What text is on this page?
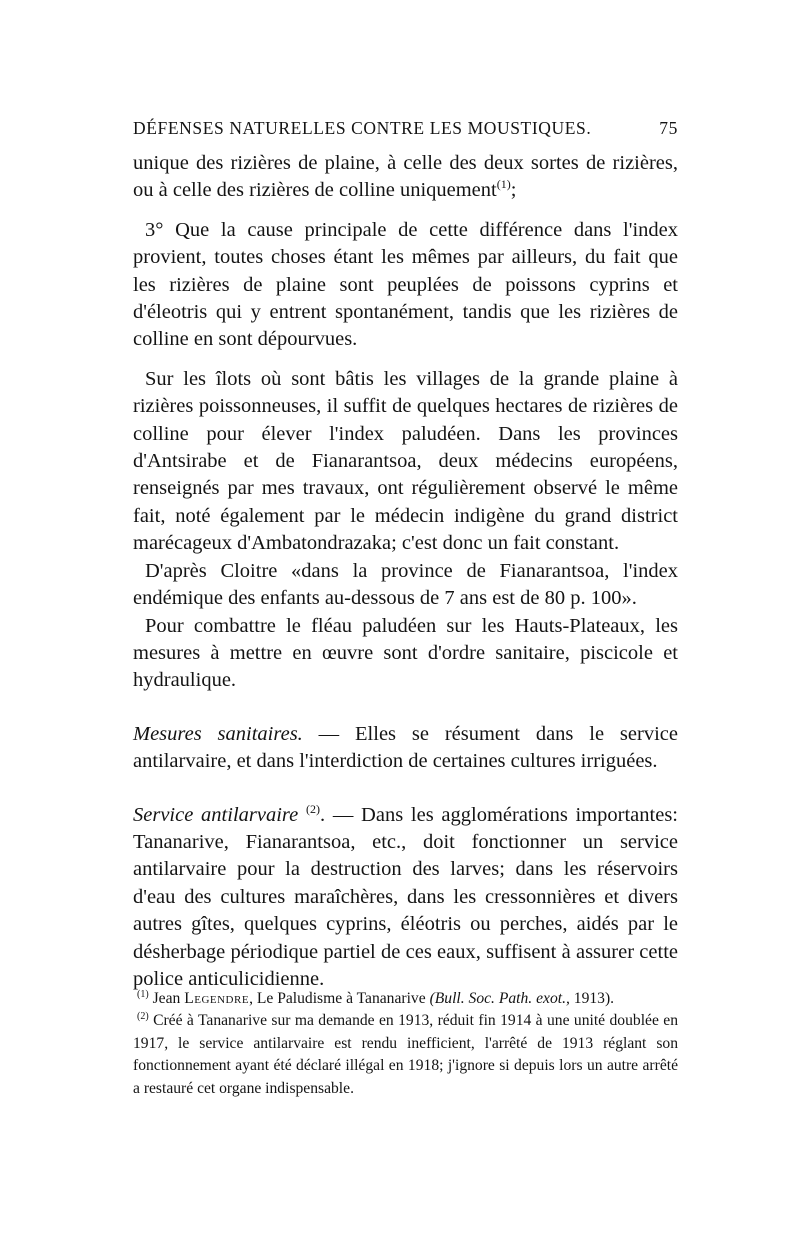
DÉFENSES NATURELLES CONTRE LES MOUSTIQUES.	75

unique des rizières de plaine, à celle des deux sortes de rizières, ou à celle des rizières de colline uniquement$^{(1)}$;

3° Que la cause principale de cette différence dans l'index provient, toutes choses étant les mêmes par ailleurs, du fait que les rizières de plaine sont peuplées de poissons cyprins et d'éleotris qui y entrent spontanément, tandis que les rizières de colline en sont dépourvues.

Sur les îlots où sont bâtis les villages de la grande plaine à rizières poissonneuses, il suffit de quelques hectares de rizières de colline pour élever l'index paludéen. Dans les provinces d'Antsirabe et de Fianarantsoa, deux médecins européens, renseignés par mes travaux, ont régulièrement observé le même fait, noté également par le médecin indigène du grand district marécageux d'Ambatondrazaka; c'est donc un fait constant.

D'après Cloitre «dans la province de Fianarantsoa, l'index endémique des enfants au-dessous de 7 ans est de 80 p. 100».

Pour combattre le fléau paludéen sur les Hauts-Plateaux, les mesures à mettre en œuvre sont d'ordre sanitaire, piscicole et hydraulique.

Mesures sanitaires. — Elles se résument dans le service antilarvaire, et dans l'interdiction de certaines cultures irriguées.

Service antilarvaire $^{(2)}$. — Dans les agglomérations importantes: Tananarive, Fianarantsoa, etc., doit fonctionner un service antilarvaire pour la destruction des larves; dans les réservoirs d'eau des cultures maraîchères, dans les cressonnières et divers autres gîtes, quelques cyprins, éléotris ou perches, aidés par le désherbage périodique partiel de ces eaux, suffisent à assurer cette police anticulicidienne.

$^{(1)}$ Jean Legendre, Le Paludisme à Tananarive (Bull. Soc. Path. exot., 1913).

$^{(2)}$ Créé à Tananarive sur ma demande en 1913, réduit fin 1914 à une unité doublée en 1917, le service antilarvaire est rendu inefficient, l'arrêté de 1913 réglant son fonctionnement ayant été déclaré illégal en 1918; j'ignore si depuis lors un autre arrêté a restauré cet organe indispensable.
